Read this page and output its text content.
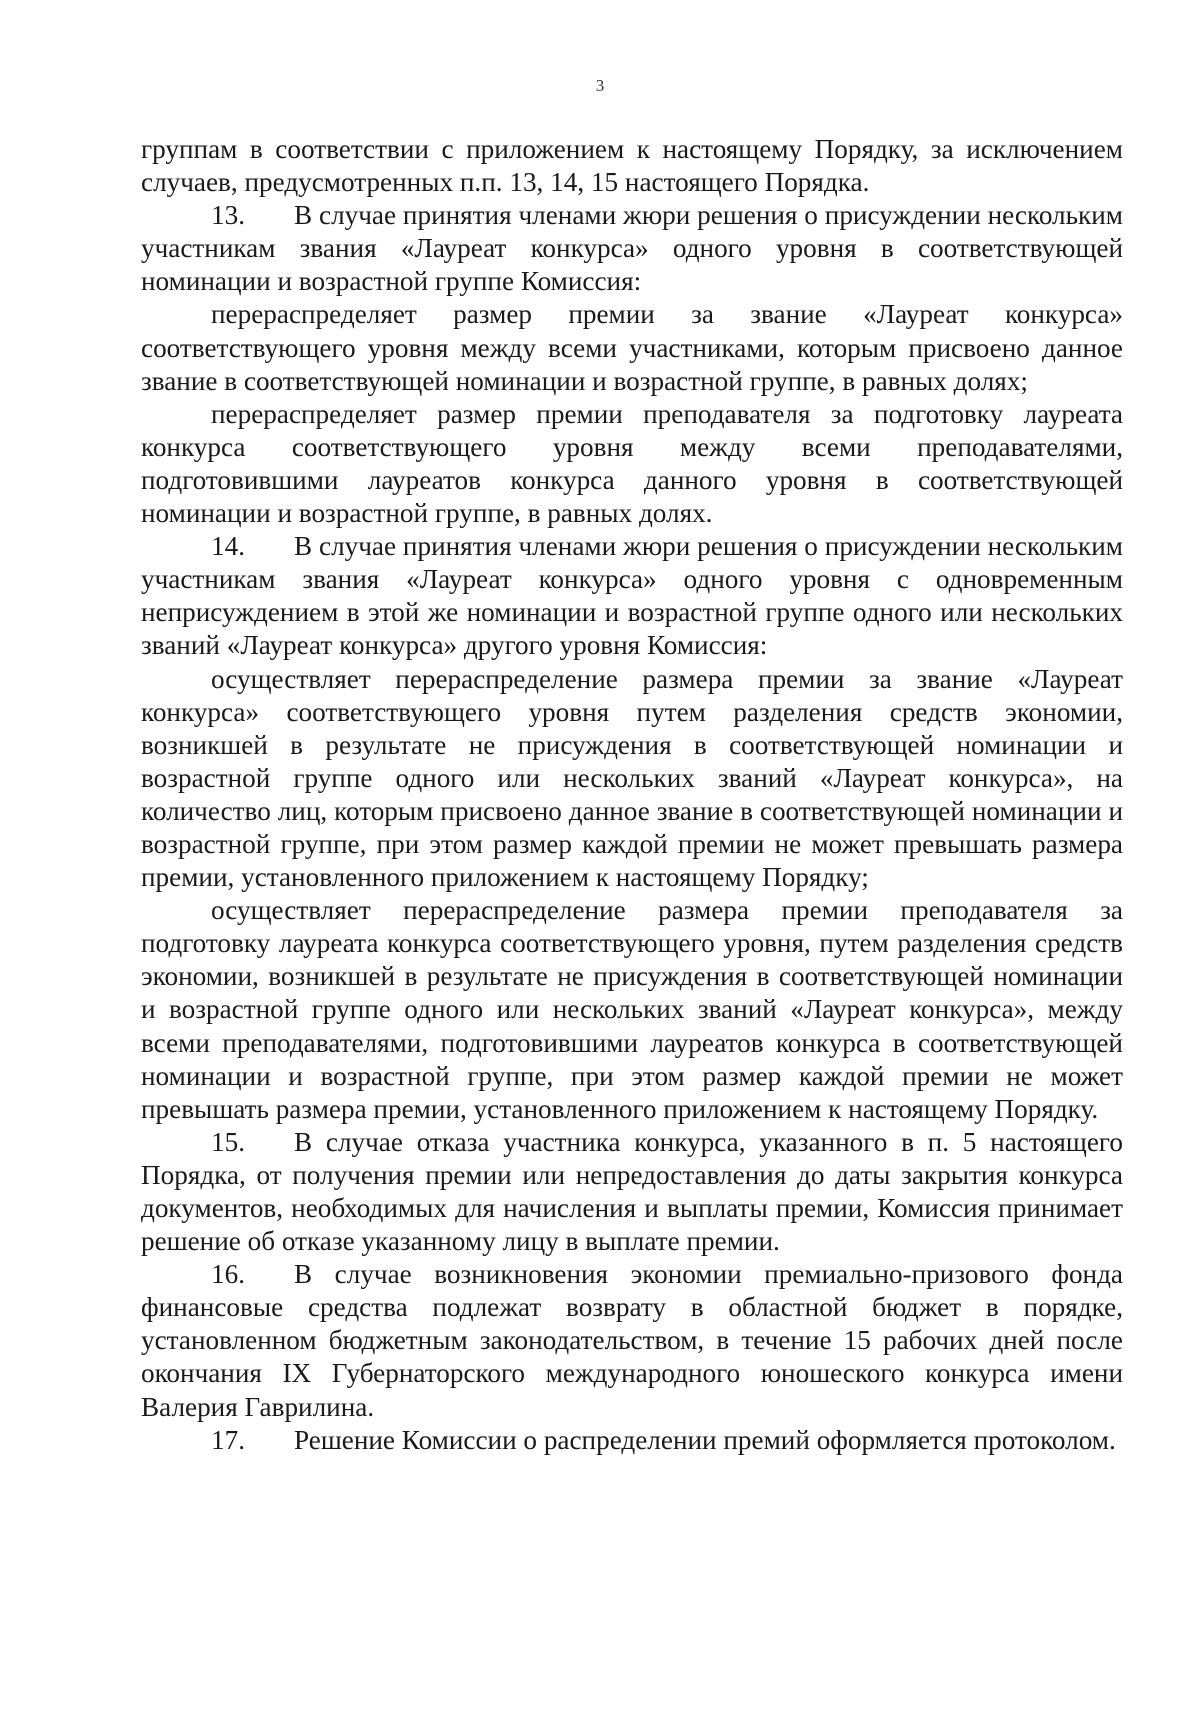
3

группам в соответствии с приложением к настоящему Порядку, за исключением случаев, предусмотренных п.п. 13, 14, 15 настоящего Порядка.

13. В случае принятия членами жюри решения о присуждении нескольким участникам звания «Лауреат конкурса» одного уровня в соответствующей номинации и возрастной группе Комиссия:

перераспределяет размер премии за звание «Лауреат конкурса» соответствующего уровня между всеми участниками, которым присвоено данное звание в соответствующей номинации и возрастной группе, в равных долях;

перераспределяет размер премии преподавателя за подготовку лауреата конкурса соответствующего уровня между всеми преподавателями, подготовившими лауреатов конкурса данного уровня в соответствующей номинации и возрастной группе, в равных долях.

14. В случае принятия членами жюри решения о присуждении нескольким участникам звания «Лауреат конкурса» одного уровня с одновременным неприсуждением в этой же номинации и возрастной группе одного или нескольких званий «Лауреат конкурса» другого уровня Комиссия:

осуществляет перераспределение размера премии за звание «Лауреат конкурса» соответствующего уровня путем разделения средств экономии, возникшей в результате не присуждения в соответствующей номинации и возрастной группе одного или нескольких званий «Лауреат конкурса», на количество лиц, которым присвоено данное звание в соответствующей номинации и возрастной группе, при этом размер каждой премии не может превышать размера премии, установленного приложением к настоящему Порядку;

осуществляет перераспределение размера премии преподавателя за подготовку лауреата конкурса соответствующего уровня, путем разделения средств экономии, возникшей в результате не присуждения в соответствующей номинации и возрастной группе одного или нескольких званий «Лауреат конкурса», между всеми преподавателями, подготовившими лауреатов конкурса в соответствующей номинации и возрастной группе, при этом размер каждой премии не может превышать размера премии, установленного приложением к настоящему Порядку.

15. В случае отказа участника конкурса, указанного в п. 5 настоящего Порядка, от получения премии или непредоставления до даты закрытия конкурса документов, необходимых для начисления и выплаты премии, Комиссия принимает решение об отказе указанному лицу в выплате премии.

16. В случае возникновения экономии премиально-призового фонда финансовые средства подлежат возврату в областной бюджет в порядке, установленном бюджетным законодательством, в течение 15 рабочих дней после окончания IX Губернаторского международного юношеского конкурса имени Валерия Гаврилина.

17. Решение Комиссии о распределении премий оформляется протоколом.
